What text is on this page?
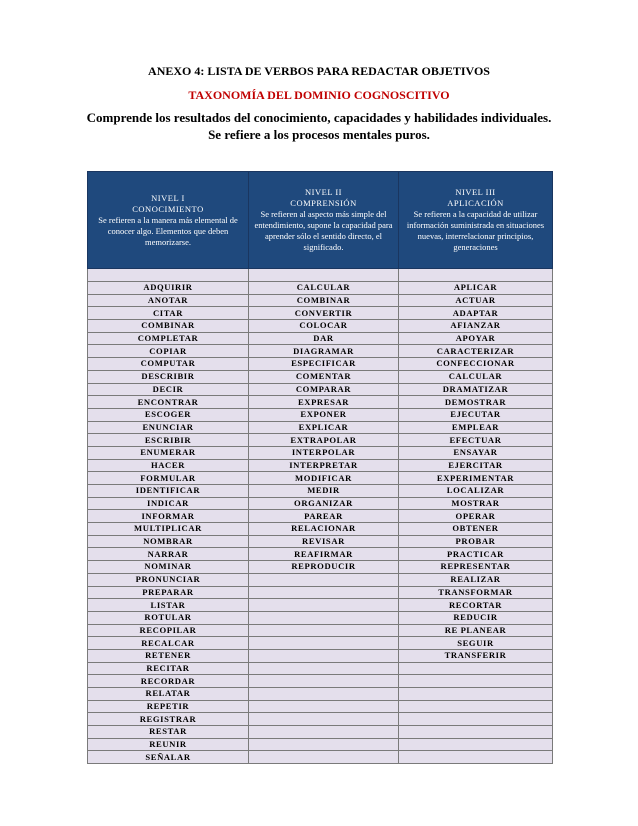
ANEXO 4: LISTA DE VERBOS PARA REDACTAR OBJETIVOS

TAXONOMÍA DEL DOMINIO COGNOSCITIVO

Comprende los resultados del conocimiento, capacidades y habilidades individuales.

Se refiere a los procesos mentales puros.

NIVEL I
CONOCIMIENTO
Se refieren a la manera más elemental de conocer algo. Elementos que deben memorizarse.	NIVEL II
COMPRENSIÓN
Se refieren al aspecto más simple del entendimiento, supone la capacidad para aprender sólo el sentido directo, el significado.	NIVEL III
APLICACIÓN
Se refieren a la capacidad de utilizar información suministrada en situaciones nuevas, interrelacionar principios, generaciones

ADQUIRIR	CALCULAR	APLICAR
ANOTAR	COMBINAR	ACTUAR
CITAR	CONVERTIR	ADAPTAR
COMBINAR	COLOCAR	AFIANZAR
COMPLETAR	DAR	APOYAR
COPIAR	DIAGRAMAR	CARACTERIZAR
COMPUTAR	ESPECIFICAR	CONFECCIONAR
DESCRIBIR	COMENTAR	CALCULAR
DECIR	COMPARAR	DRAMATIZAR
ENCONTRAR	EXPRESAR	DEMOSTRAR
ESCOGER	EXPONER	EJECUTAR
ENUNCIAR	EXPLICAR	EMPLEAR
ESCRIBIR	EXTRAPOLAR	EFECTUAR
ENUMERAR	INTERPOLAR	ENSAYAR
HACER	INTERPRETAR	EJERCITAR
FORMULAR	MODIFICAR	EXPERIMENTAR
IDENTIFICAR	MEDIR	LOCALIZAR
INDICAR	ORGANIZAR	MOSTRAR
INFORMAR	PAREAR	OPERAR
MULTIPLICAR	RELACIONAR	OBTENER
NOMBRAR	REVISAR	PROBAR
NARRAR	REAFIRMAR	PRACTICAR
NOMINAR	REPRODUCIR	REPRESENTAR
PRONUNCIAR		REALIZAR
PREPARAR		TRANSFORMAR
LISTAR		RECORTAR
ROTULAR		REDUCIR
RECOPILAR		RE PLANEAR
RECALCAR		SEGUIR
RETENER		TRANSFERIR
RECITAR		
RECORDAR		
RELATAR		
REPETIR		
REGISTRAR		
RESTAR		
REUNIR		
SEÑALAR		
